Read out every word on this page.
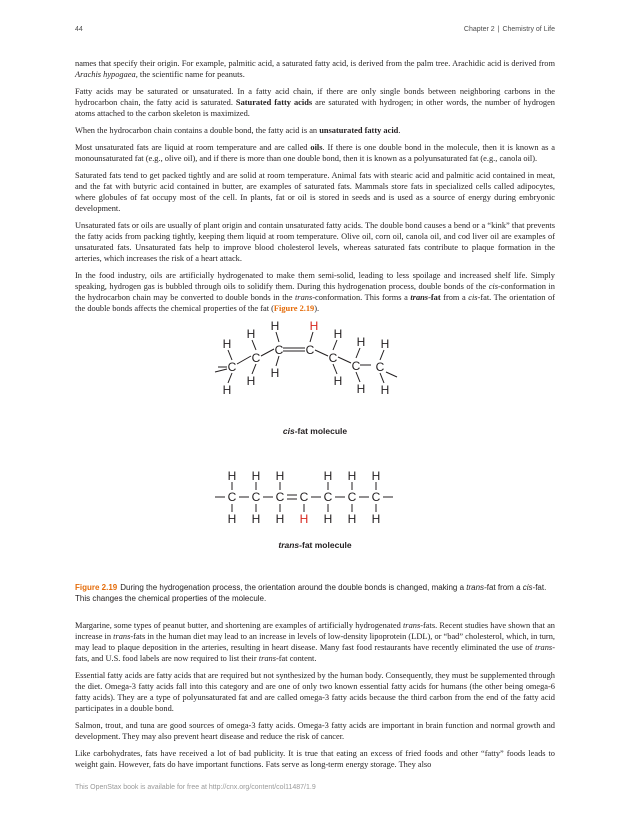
44	Chapter 2 | Chemistry of Life

names that specify their origin. For example, palmitic acid, a saturated fatty acid, is derived from the palm tree. Arachidic acid is derived from Arachis hypogaea, the scientific name for peanuts.

Fatty acids may be saturated or unsaturated. In a fatty acid chain, if there are only single bonds between neighboring carbons in the hydrocarbon chain, the fatty acid is saturated. Saturated fatty acids are saturated with hydrogen; in other words, the number of hydrogen atoms attached to the carbon skeleton is maximized.

When the hydrocarbon chain contains a double bond, the fatty acid is an unsaturated fatty acid.

Most unsaturated fats are liquid at room temperature and are called oils. If there is one double bond in the molecule, then it is known as a monounsaturated fat (e.g., olive oil), and if there is more than one double bond, then it is known as a polyunsaturated fat (e.g., canola oil).

Saturated fats tend to get packed tightly and are solid at room temperature. Animal fats with stearic acid and palmitic acid contained in meat, and the fat with butyric acid contained in butter, are examples of saturated fats. Mammals store fats in specialized cells called adipocytes, where globules of fat occupy most of the cell. In plants, fat or oil is stored in seeds and is used as a source of energy during embryonic development.

Unsaturated fats or oils are usually of plant origin and contain unsaturated fatty acids. The double bond causes a bend or a “kink” that prevents the fatty acids from packing tightly, keeping them liquid at room temperature. Olive oil, corn oil, canola oil, and cod liver oil are examples of unsaturated fats. Unsaturated fats help to improve blood cholesterol levels, whereas saturated fats contribute to plaque formation in the arteries, which increases the risk of a heart attack.

In the food industry, oils are artificially hydrogenated to make them semi-solid, leading to less spoilage and increased shelf life. Simply speaking, hydrogen gas is bubbled through oils to solidify them. During this hydrogenation process, double bonds of the cis-conformation in the hydrocarbon chain may be converted to double bonds in the trans-conformation. This forms a trans-fat from a cis-fat. The orientation of the double bonds affects the chemical properties of the fat (Figure 2.19).

C
C
C C
C
C C
H
H
H
H
H
H
H
H
H
H
H
H
H
cis-fat molecule
C C C C C C C
H H H	H H H
H H H H H H H
trans-fat molecule

Figure 2.19 During the hydrogenation process, the orientation around the double bonds is changed, making a trans-fat from a cis-fat. This changes the chemical properties of the molecule.

Margarine, some types of peanut butter, and shortening are examples of artificially hydrogenated trans-fats. Recent studies have shown that an increase in trans-fats in the human diet may lead to an increase in levels of low-density lipoprotein (LDL), or “bad” cholesterol, which, in turn, may lead to plaque deposition in the arteries, resulting in heart disease. Many fast food restaurants have recently eliminated the use of trans-fats, and U.S. food labels are now required to list their trans-fat content.

Essential fatty acids are fatty acids that are required but not synthesized by the human body. Consequently, they must be supplemented through the diet. Omega-3 fatty acids fall into this category and are one of only two known essential fatty acids for humans (the other being omega-6 fatty acids). They are a type of polyunsaturated fat and are called omega-3 fatty acids because the third carbon from the end of the fatty acid participates in a double bond.

Salmon, trout, and tuna are good sources of omega-3 fatty acids. Omega-3 fatty acids are important in brain function and normal growth and development. They may also prevent heart disease and reduce the risk of cancer.

Like carbohydrates, fats have received a lot of bad publicity. It is true that eating an excess of fried foods and other “fatty” foods leads to weight gain. However, fats do have important functions. Fats serve as long-term energy storage. They also

This OpenStax book is available for free at http://cnx.org/content/col11487/1.9
